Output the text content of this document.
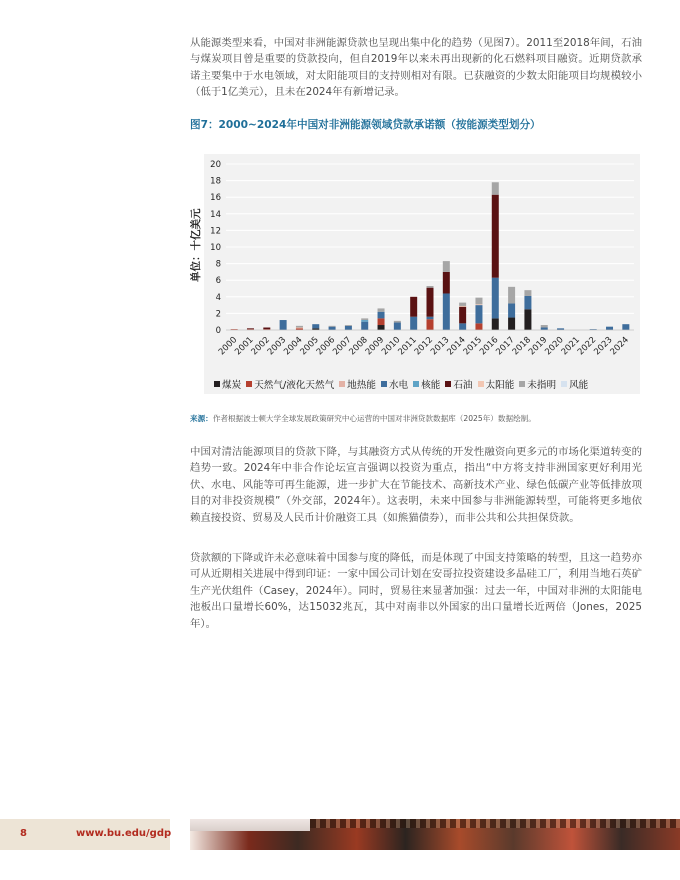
从能源类型来看，中国对非洲能源贷款也呈现出集中化的趋势（见图7）。2011至2018年间，石油与煤炭项目曾是重要的贷款投向，但自2019年以来未再出现新的化石燃料项目融资。近期贷款承诺主要集中于水电领域，对太阳能项目的支持则相对有限。已获融资的少数太阳能项目均规模较小（低于1亿美元），且未在2024年有新增记录。

图7：2000~2024年中国对非洲能源领域贷款承诺额（按能源类型划分）
0
2
4
6
8
10
12
14
16
18
20
2000
2001
2002
2003
2004
2005
2006
2007
2008
2009
2010
2011
2012
2013
2014
2015
2016
2017
2018
2019
2020
2021
2022
2023
2024
单位：十亿美元
煤炭 天然气/液化天然气 地热能 水电 核能 石油 太阳能 未指明 风能
来源：作者根据波士顿大学全球发展政策研究中心运营的中国对非洲贷款数据库（2025年）数据绘制。

中国对清洁能源项目的贷款下降，与其融资方式从传统的开发性融资向更多元的市场化渠道转变的趋势一致。2024年中非合作论坛宣言强调以投资为重点，指出“中方将支持非洲国家更好利用光伏、水电、风能等可再生能源，进一步扩大在节能技术、高新技术产业、绿色低碳产业等低排放项目的对非投资规模”（外交部，2024年）。这表明，未来中国参与非洲能源转型，可能将更多地依赖直接投资、贸易及人民币计价融资工具（如熊猫债券），而非公共和公共担保贷款。

贷款额的下降或许未必意味着中国参与度的降低，而是体现了中国支持策略的转型，且这一趋势亦可从近期相关进展中得到印证：一家中国公司计划在安哥拉投资建设多晶硅工厂，利用当地石英矿生产光伏组件（Casey，2024年）。同时，贸易往来显著加强：过去一年，中国对非洲的太阳能电池板出口量增长60%，达15032兆瓦，其中对南非以外国家的出口量增长近两倍（Jones，2025年）。

8	www.bu.edu/gdp
